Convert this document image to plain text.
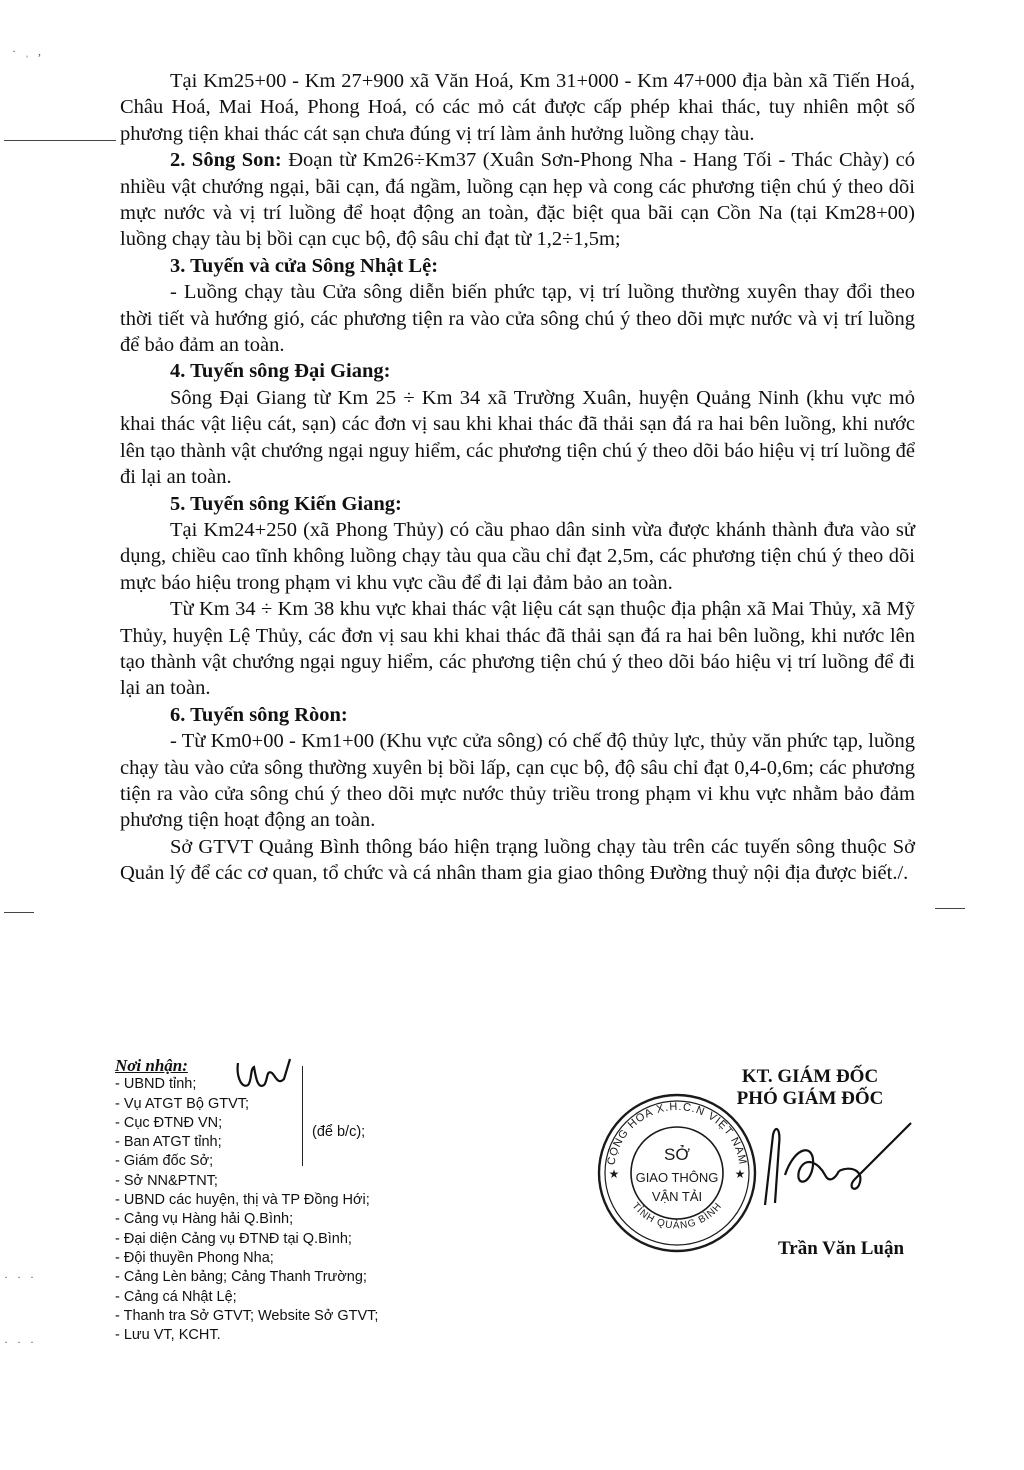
· ˌ ,
· · ·
· · ·

Tại Km25+00 - Km 27+900 xã Văn Hoá, Km 31+000 - Km 47+000 địa bàn xã Tiến Hoá, Châu Hoá, Mai Hoá, Phong Hoá, có các mỏ cát được cấp phép khai thác, tuy nhiên một số phương tiện khai thác cát sạn chưa đúng vị trí làm ảnh hưởng luồng chạy tàu.

2. Sông Son: Đoạn từ Km26÷Km37 (Xuân Sơn-Phong Nha - Hang Tối - Thác Chày) có nhiều vật chướng ngại, bãi cạn, đá ngầm, luồng cạn hẹp và cong các phương tiện chú ý theo dõi mực nước và vị trí luồng để hoạt động an toàn, đặc biệt qua bãi cạn Cồn Na (tại Km28+00) luồng chạy tàu bị bồi cạn cục bộ, độ sâu chỉ đạt từ 1,2÷1,5m;

3. Tuyến và cửa Sông Nhật Lệ:

- Luồng chạy tàu Cửa sông diễn biến phức tạp, vị trí luồng thường xuyên thay đổi theo thời tiết và hướng gió, các phương tiện ra vào cửa sông chú ý theo dõi mực nước và vị trí luồng để bảo đảm an toàn.

4. Tuyến sông Đại Giang:

Sông Đại Giang từ Km 25 ÷ Km 34 xã Trường Xuân, huyện Quảng Ninh (khu vực mỏ khai thác vật liệu cát, sạn) các đơn vị sau khi khai thác đã thải sạn đá ra hai bên luồng, khi nước lên tạo thành vật chướng ngại nguy hiểm, các phương tiện chú ý theo dõi báo hiệu vị trí luồng để đi lại an toàn.

5. Tuyến sông Kiến Giang:

Tại Km24+250 (xã Phong Thủy) có cầu phao dân sinh vừa được khánh thành đưa vào sử dụng, chiều cao tĩnh không luồng chạy tàu qua cầu chỉ đạt 2,5m, các phương tiện chú ý theo dõi mực báo hiệu trong phạm vi khu vực cầu để đi lại đảm bảo an toàn.

Từ Km 34 ÷ Km 38 khu vực khai thác vật liệu cát sạn thuộc địa phận xã Mai Thủy, xã Mỹ Thủy, huyện Lệ Thủy, các đơn vị sau khi khai thác đã thải sạn đá ra hai bên luồng, khi nước lên tạo thành vật chướng ngại nguy hiểm, các phương tiện chú ý theo dõi báo hiệu vị trí luồng để đi lại an toàn.

6. Tuyến sông Ròon:

- Từ Km0+00 - Km1+00 (Khu vực cửa sông) có chế độ thủy lực, thủy văn phức tạp, luồng chạy tàu vào cửa sông thường xuyên bị bồi lấp, cạn cục bộ, độ sâu chỉ đạt 0,4-0,6m; các phương tiện ra vào cửa sông chú ý theo dõi mực nước thủy triều trong phạm vi khu vực nhằm bảo đảm phương tiện hoạt động an toàn.

Sở GTVT Quảng Bình thông báo hiện trạng luồng chạy tàu trên các tuyến sông thuộc Sở Quản lý để các cơ quan, tổ chức và cá nhân tham gia giao thông Đường thuỷ nội địa được biết./.

Nơi nhận:
- UBND tỉnh;
- Vụ ATGT Bộ GTVT;
- Cục ĐTNĐ VN;
- Ban ATGT tỉnh;
- Giám đốc Sở;
- Sở NN&PTNT;
- UBND các huyện, thị và TP Đồng Hới;
- Cảng vụ Hàng hải Q.Bình;
- Đại diện Cảng vụ ĐTNĐ tại Q.Bình;
- Đội thuyền Phong Nha;
- Cảng Lèn bảng; Cảng Thanh Trường;
- Cảng cá Nhật Lệ;
- Thanh tra Sở GTVT; Website Sở GTVT;
- Lưu VT, KCHT.
(để b/c);
KT. GIÁM ĐỐC
PHÓ GIÁM ĐỐC
CỘNG HÒA X.H.C.N VIỆT NAM
TỈNH QUẢNG BÌNH
★	★
SỞ
GIAO THÔNG
VẬN TẢI
Trần Văn Luận
